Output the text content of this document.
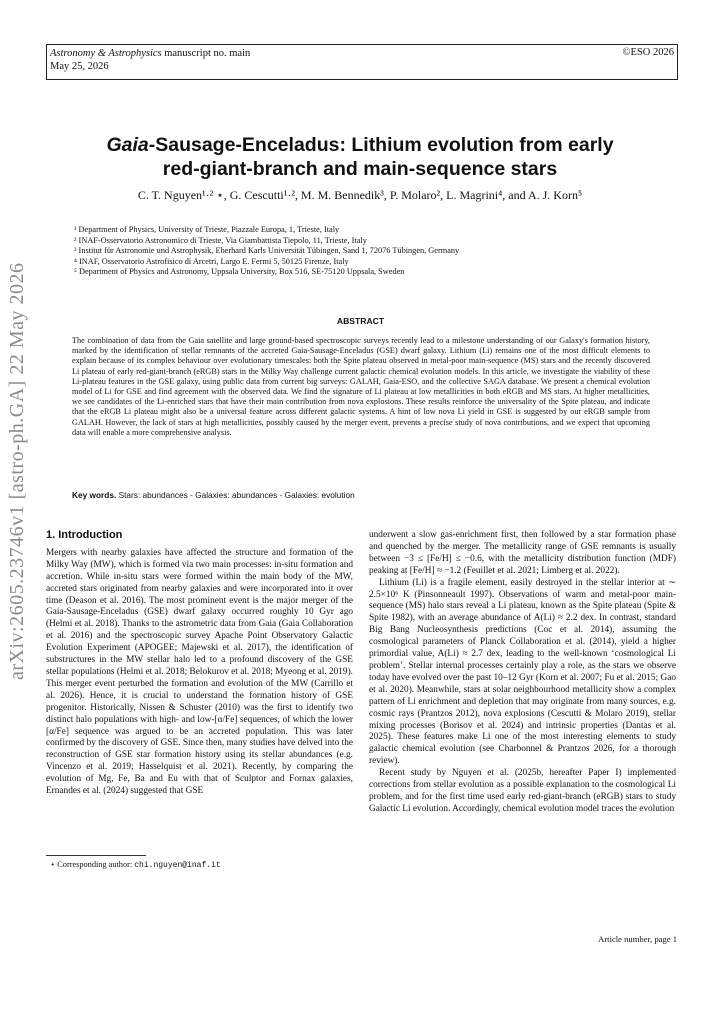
Astronomy & Astrophysics manuscript no. main
May 25, 2026
©ESO 2026
arXiv:2605.23746v1 [astro-ph.GA] 22 May 2026
Gaia-Sausage-Enceladus: Lithium evolution from early
red-giant-branch and main-sequence stars
C. T. Nguyen¹·² ⋆, G. Cescutti¹·², M. M. Bennedik³, P. Molaro², L. Magrini⁴, and A. J. Korn⁵
¹ Department of Physics, University of Trieste, Piazzale Europa, 1, Trieste, Italy
² INAF-Osservatorio Astronomico di Trieste, Via Giambattista Tiepolo, 11, Trieste, Italy
³ Institut für Astronomie und Astrophysik, Eberhard Karls Universität Tübingen, Sand 1, 72076 Tübingen, Germany
⁴ INAF, Osservatorio Astrofisico di Arcetri, Largo E. Fermi 5, 50125 Firenze, Italy
⁵ Department of Physics and Astronomy, Uppsala University, Box 516, SE-75120 Uppsala, Sweden
ABSTRACT
The combination of data from the Gaia satellite and large ground-based spectroscopic surveys recently lead to a milestone understanding of our Galaxy's formation history, marked by the identification of stellar remnants of the accreted Gaia-Sausage-Enceladus (GSE) dwarf galaxy. Lithium (Li) remains one of the most difficult elements to explain because of its complex behaviour over evolutionary timescales: both the Spite plateau observed in metal-poor main-sequence (MS) stars and the recently discovered Li plateau of early red-giant-branch (eRGB) stars in the Milky Way challenge current galactic chemical evolution models. In this article, we investigate the viability of these Li-plateau features in the GSE galaxy, using public data from current big surveys: GALAH, Gaia-ESO, and the collective SAGA database. We present a chemical evolution model of Li for GSE and find agreement with the observed data. We find the signature of Li plateau at low metallicities in both eRGB and MS stars. At higher metallicities, we see candidates of the Li-enriched stars that have their main contribution from nova explosions. These results reinforce the universality of the Spite plateau, and indicate that the eRGB Li plateau might also be a universal feature across different galactic systems. A hint of low nova Li yield in GSE is suggested by our eRGB sample from GALAH. However, the lack of stars at high metallicities, possibly caused by the merger event, prevents a precise study of nova contributions, and we expect that upcoming data will enable a more comprehensive analysis.
Key words. Stars: abundances - Galaxies: abundances - Galaxies: evolution
1. Introduction

Mergers with nearby galaxies have affected the structure and formation of the Milky Way (MW), which is formed via two main processes: in-situ formation and accretion. While in-situ stars were formed within the main body of the MW, accreted stars originated from nearby galaxies and were incorporated into it over time (Deason et al. 2016). The most prominent event is the major merger of the Gaia-Sausage-Enceladus (GSE) dwarf galaxy occurred roughly 10 Gyr ago (Helmi et al. 2018). Thanks to the astrometric data from Gaia (Gaia Collaboration et al. 2016) and the spectroscopic survey Apache Point Observatory Galactic Evolution Experiment (APOGEE; Majewski et al. 2017), the identification of substructures in the MW stellar halo led to a profound discovery of the GSE stellar populations (Helmi et al. 2018; Belokurov et al. 2018; Myeong et al. 2019). This merger event perturbed the formation and evolution of the MW (Carrillo et al. 2026). Hence, it is crucial to understand the formation history of GSE progenitor. Historically, Nissen & Schuster (2010) was the first to identify two distinct halo populations with high- and low-[α/Fe] sequences, of which the lower [α/Fe] sequence was argued to be an accreted population. This was later confirmed by the discovery of GSE. Since then, many studies have delved into the reconstruction of GSE star formation history using its stellar abundances (e.g. Vincenzo et al. 2019; Hasselquist et al. 2021). Recently, by comparing the evolution of Mg, Fe, Ba and Eu with that of Sculptor and Fornax galaxies, Ernandes et al. (2024) suggested that GSE

underwent a slow gas-enrichment first, then followed by a star formation phase and quenched by the merger. The metallicity range of GSE remnants is usually between −3 ≤ [Fe/H] ≤ −0.6, with the metallicity distribution function (MDF) peaking at [Fe/H] ≈ −1.2 (Feuillet et al. 2021; Limberg et al. 2022).

Lithium (Li) is a fragile element, easily destroyed in the stellar interior at ∼ 2.5×10⁶ K (Pinsonneault 1997). Observations of warm and metal-poor main-sequence (MS) halo stars reveal a Li plateau, known as the Spite plateau (Spite & Spite 1982), with an average abundance of A(Li) ≈ 2.2 dex. In contrast, standard Big Bang Nucleosynthesis predictions (Coc et al. 2014), assuming the cosmological parameters of Planck Collaboration et al. (2014), yield a higher primordial value, A(Li) ≈ 2.7 dex, leading to the well-known ‘cosmological Li problem’. Stellar internal processes certainly play a role, as the stars we observe today have evolved over the past 10–12 Gyr (Korn et al. 2007; Fu et al. 2015; Gao et al. 2020). Meanwhile, stars at solar neighbourhood metallicity show a complex pattern of Li enrichment and depletion that may originate from many sources, e.g. cosmic rays (Prantzos 2012), nova explosions (Cescutti & Molaro 2019), stellar mixing processes (Borisov et al. 2024) and intrinsic properties (Dantas et al. 2025). These features make Li one of the most interesting elements to study galactic chemical evolution (see Charbonnel & Prantzos 2026, for a thorough review).

Recent study by Nguyen et al. (2025b, hereafter Paper I) implemented corrections from stellar evolution as a possible explanation to the cosmological Li problem, and for the first time used early red-giant-branch (eRGB) stars to study Galactic Li evolution. Accordingly, chemical evolution model traces the evolution

⋆ Corresponding author: chi.nguyen@inaf.it
Article number, page 1
